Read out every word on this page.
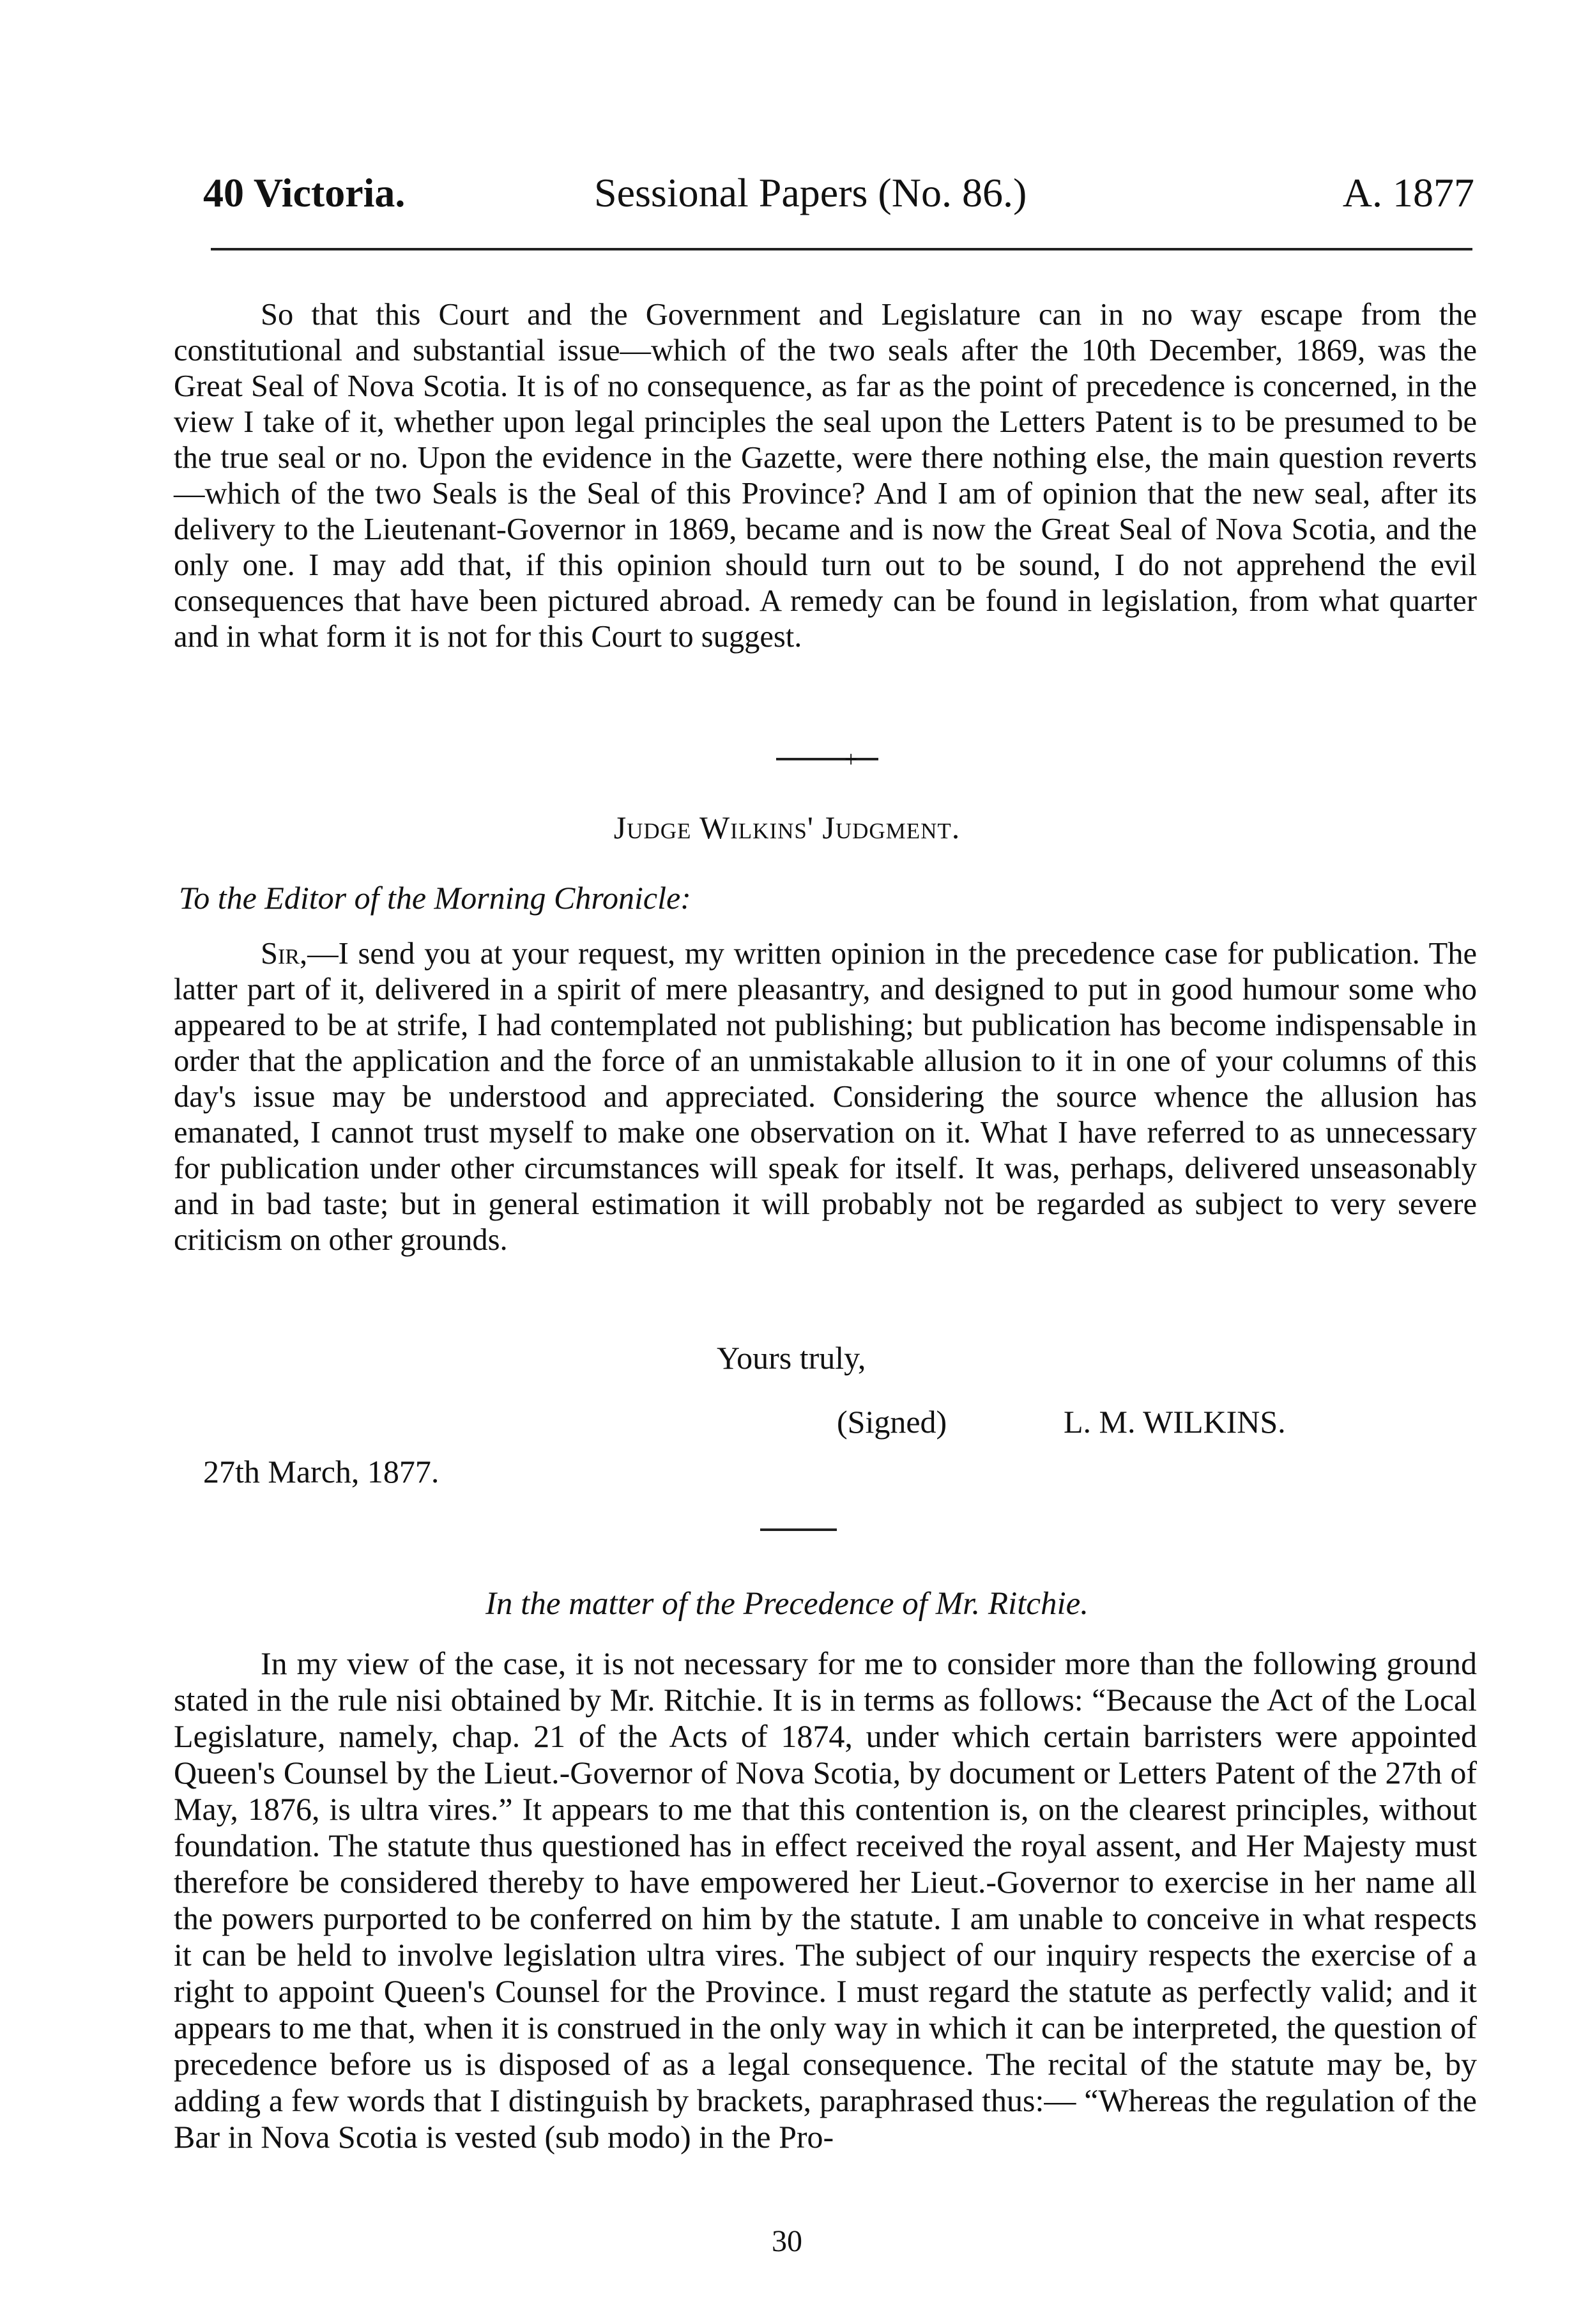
40 Victoria.	Sessional Papers (No. 86.)	A. 1877

So that this Court and the Government and Legislature can in no way escape from the constitutional and substantial issue—which of the two seals after the 10th December, 1869, was the Great Seal of Nova Scotia. It is of no consequence, as far as the point of precedence is concerned, in the view I take of it, whether upon legal principles the seal upon the Letters Patent is to be presumed to be the true seal or no. Upon the evidence in the Gazette, were there nothing else, the main question reverts —which of the two Seals is the Seal of this Province? And I am of opinion that the new seal, after its delivery to the Lieutenant-Governor in 1869, became and is now the Great Seal of Nova Scotia, and the only one. I may add that, if this opinion should turn out to be sound, I do not apprehend the evil consequences that have been pictured abroad. A remedy can be found in legislation, from what quarter and in what form it is not for this Court to suggest.

+
Judge Wilkins' Judgment.
To the Editor of the Morning Chronicle:

Sir,—I send you at your request, my written opinion in the precedence case for publication. The latter part of it, delivered in a spirit of mere pleasantry, and designed to put in good humour some who appeared to be at strife, I had contemplated not publishing; but publication has become indispensable in order that the application and the force of an unmistakable allusion to it in one of your columns of this day's issue may be understood and appreciated. Considering the source whence the allusion has emanated, I cannot trust myself to make one observation on it. What I have referred to as unnecessary for publication under other circumstances will speak for itself. It was, perhaps, delivered unseasonably and in bad taste; but in general estimation it will probably not be regarded as subject to very severe criticism on other grounds.

Yours truly,
(Signed)	L. M. WILKINS.
27th March, 1877.
In the matter of the Precedence of Mr. Ritchie.

In my view of the case, it is not necessary for me to consider more than the following ground stated in the rule nisi obtained by Mr. Ritchie. It is in terms as follows: “Because the Act of the Local Legislature, namely, chap. 21 of the Acts of 1874, under which certain barristers were appointed Queen's Counsel by the Lieut.-Governor of Nova Scotia, by document or Letters Patent of the 27th of May, 1876, is ultra vires.” It appears to me that this contention is, on the clearest principles, without foundation. The statute thus questioned has in effect received the royal assent, and Her Majesty must therefore be considered thereby to have empowered her Lieut.-Governor to exercise in her name all the powers purported to be conferred on him by the statute. I am unable to conceive in what respects it can be held to involve legislation ultra vires. The subject of our inquiry respects the exercise of a right to appoint Queen's Counsel for the Province. I must regard the statute as perfectly valid; and it appears to me that, when it is construed in the only way in which it can be interpreted, the question of precedence before us is disposed of as a legal consequence. The recital of the statute may be, by adding a few words that I distinguish by brackets, paraphrased thus:— “Whereas the regulation of the Bar in Nova Scotia is vested (sub modo) in the Pro-

30
